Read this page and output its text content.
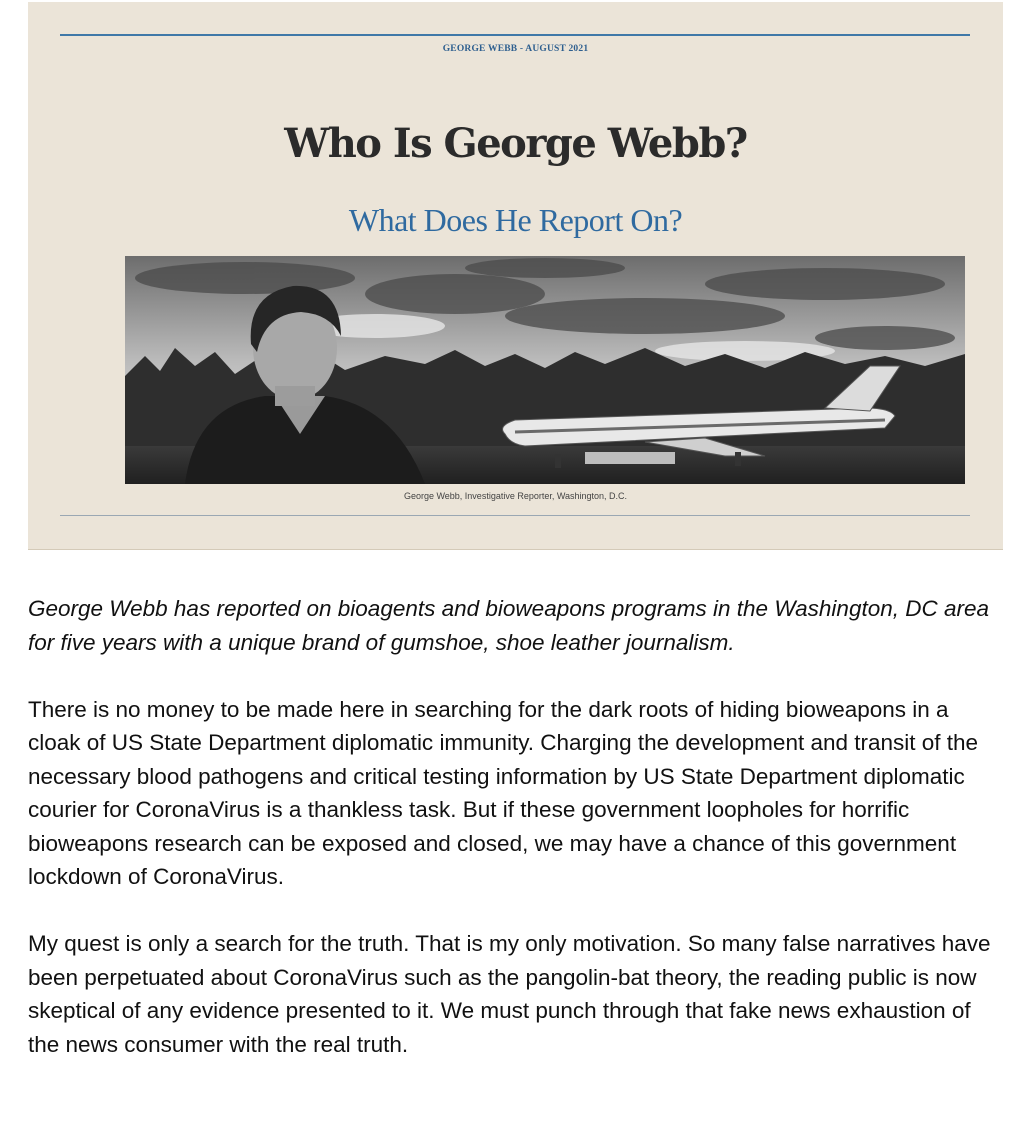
GEORGE WEBB - AUGUST 2021
Who Is George Webb?
What Does He Report On?
George Webb, Investigative Reporter, Washington, D.C.

George Webb has reported on bioagents and bioweapons programs in the Washington, DC area for five years with a unique brand of gumshoe, shoe leather journalism.

There is no money to be made here in searching for the dark roots of hiding bioweapons in a cloak of US State Department diplomatic immunity. Charging the development and transit of the necessary blood pathogens and critical testing information by US State Department diplomatic courier for CoronaVirus is a thankless task. But if these government loopholes for horrific bioweapons research can be exposed and closed, we may have a chance of this government lockdown of CoronaVirus.

My quest is only a search for the truth. That is my only motivation. So many false narratives have been perpetuated about CoronaVirus such as the pangolin-bat theory, the reading public is now skeptical of any evidence presented to it. We must punch through that fake news exhaustion of the news consumer with the real truth.
